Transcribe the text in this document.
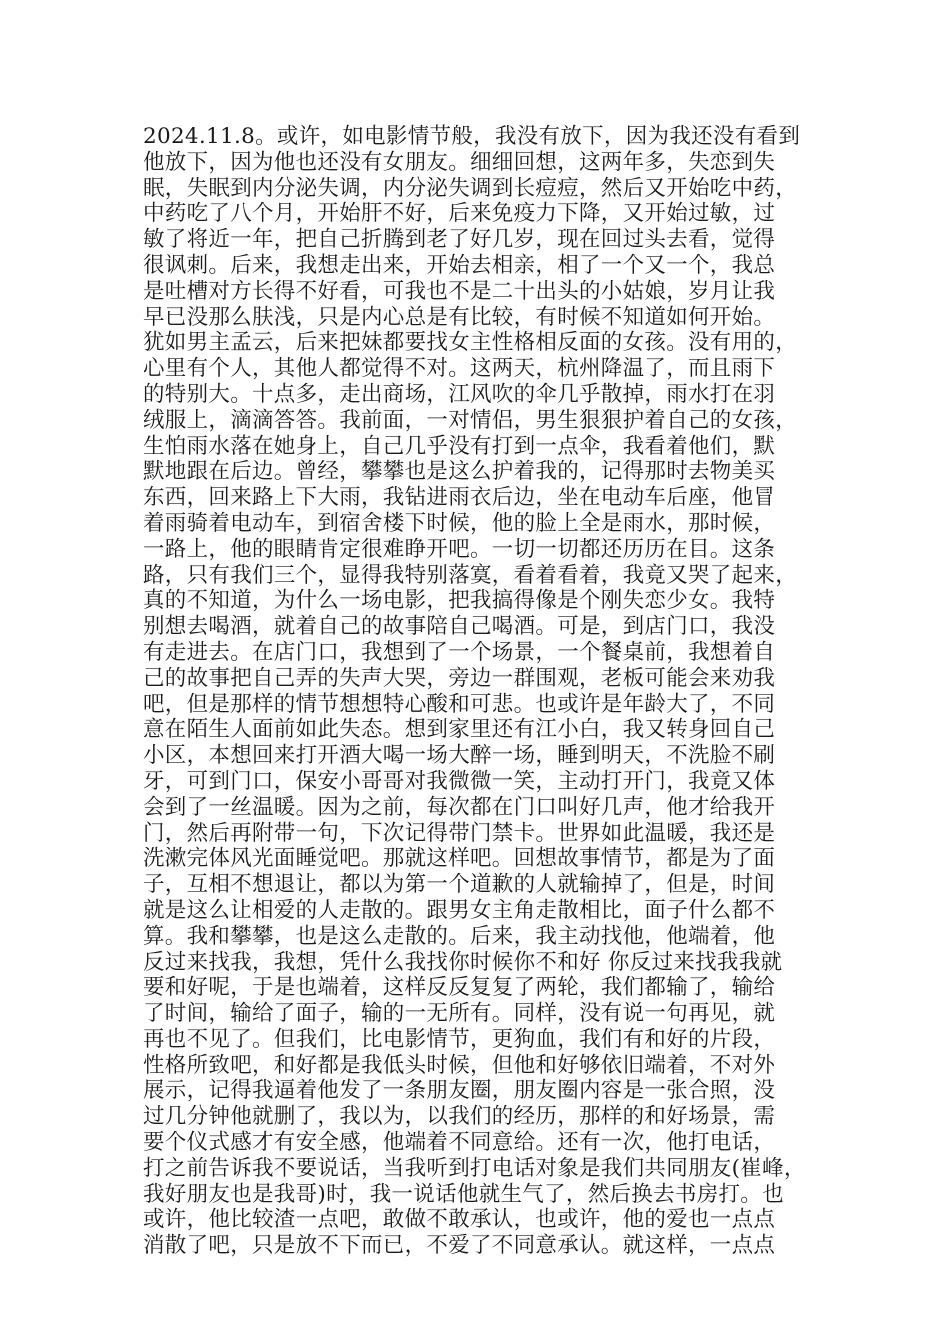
2024.11.8。或许，如电影情节般，我没有放下，因为我还没有看到
他放下，因为他也还没有女朋友。细细回想，这两年多，失恋到失
眠，失眠到内分泌失调，内分泌失调到长痘痘，然后又开始吃中药，
中药吃了八个月，开始肝不好，后来免疫力下降，又开始过敏，过
敏了将近一年，把自己折腾到老了好几岁，现在回过头去看，觉得
很讽刺。后来，我想走出来，开始去相亲，相了一个又一个，我总
是吐槽对方长得不好看，可我也不是二十出头的小姑娘，岁月让我
早已没那么肤浅，只是内心总是有比较，有时候不知道如何开始。
犹如男主孟云，后来把妹都要找女主性格相反面的女孩。没有用的，
心里有个人，其他人都觉得不对。这两天，杭州降温了，而且雨下
的特别大。十点多，走出商场，江风吹的伞几乎散掉，雨水打在羽
绒服上，滴滴答答。我前面，一对情侣，男生狠狠护着自己的女孩，
生怕雨水落在她身上，自己几乎没有打到一点伞，我看着他们，默
默地跟在后边。曾经，攀攀也是这么护着我的，记得那时去物美买
东西，回来路上下大雨，我钻进雨衣后边，坐在电动车后座，他冒
着雨骑着电动车，到宿舍楼下时候，他的脸上全是雨水，那时候，
一路上，他的眼睛肯定很难睁开吧。一切一切都还历历在目。这条
路，只有我们三个，显得我特别落寞，看着看着，我竟又哭了起来，
真的不知道，为什么一场电影，把我搞得像是个刚失恋少女。我特
别想去喝酒，就着自己的故事陪自己喝酒。可是，到店门口，我没
有走进去。在店门口，我想到了一个场景，一个餐桌前，我想着自
己的故事把自己弄的失声大哭，旁边一群围观，老板可能会来劝我
吧，但是那样的情节想想特心酸和可悲。也或许是年龄大了，不同
意在陌生人面前如此失态。想到家里还有江小白，我又转身回自己
小区，本想回来打开酒大喝一场大醉一场，睡到明天，不洗脸不刷
牙，可到门口，保安小哥哥对我微微一笑，主动打开门，我竟又体
会到了一丝温暖。因为之前，每次都在门口叫好几声，他才给我开
门，然后再附带一句，下次记得带门禁卡。世界如此温暖，我还是
洗漱完体风光面睡觉吧。那就这样吧。回想故事情节，都是为了面
子，互相不想退让，都以为第一个道歉的人就输掉了，但是，时间
就是这么让相爱的人走散的。跟男女主角走散相比，面子什么都不
算。我和攀攀，也是这么走散的。后来，我主动找他，他端着，他
反过来找我，我想，凭什么我找你时候你不和好 你反过来找我我就
要和好呢，于是也端着，这样反反复复了两轮，我们都输了，输给
了时间，输给了面子，输的一无所有。同样，没有说一句再见，就
再也不见了。但我们，比电影情节，更狗血，我们有和好的片段，
性格所致吧，和好都是我低头时候，但他和好够依旧端着，不对外
展示，记得我逼着他发了一条朋友圈，朋友圈内容是一张合照，没
过几分钟他就删了，我以为，以我们的经历，那样的和好场景，需
要个仪式感才有安全感，他端着不同意给。还有一次，他打电话，
打之前告诉我不要说话，当我听到打电话对象是我们共同朋友(崔峰，
我好朋友也是我哥)时，我一说话他就生气了，然后换去书房打。也
或许，他比较渣一点吧，敢做不敢承认，也或许，他的爱也一点点
消散了吧，只是放不下而已，不爱了不同意承认。就这样，一点点
